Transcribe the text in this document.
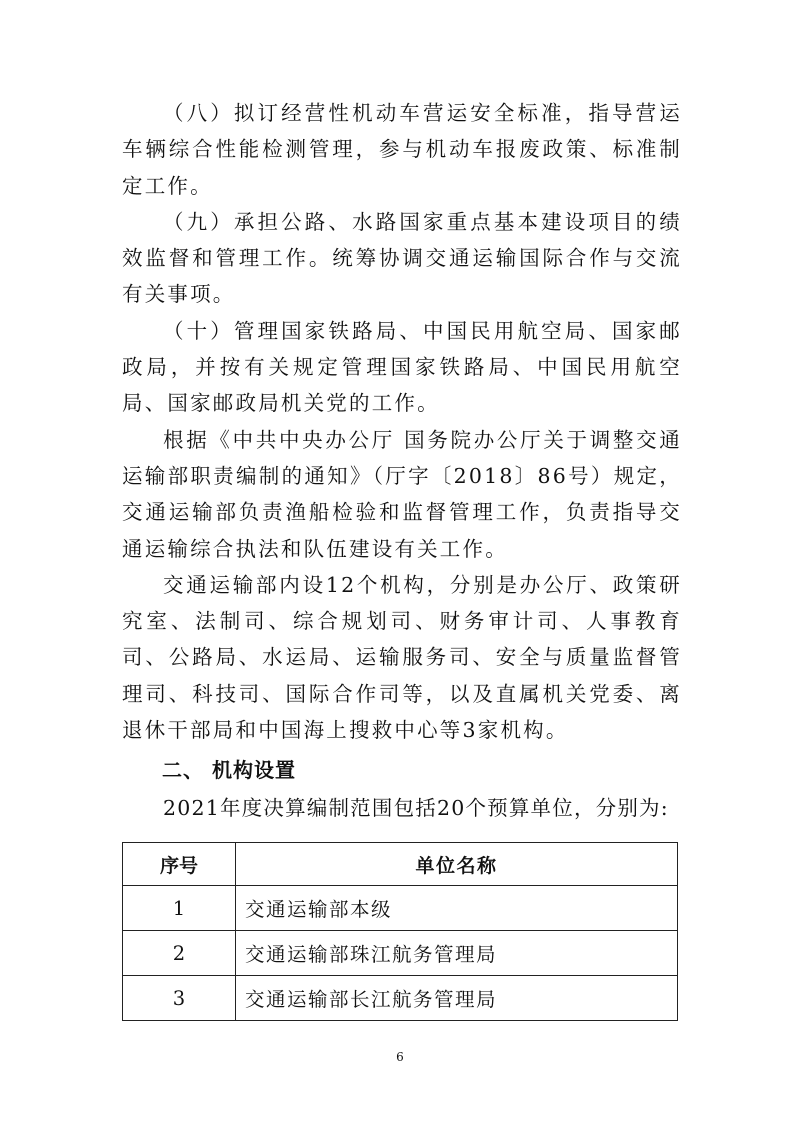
（八）拟订经营性机动车营运安全标准，指导营运车辆综合性能检测管理，参与机动车报废政策、标准制定工作。

（九）承担公路、水路国家重点基本建设项目的绩效监督和管理工作。统筹协调交通运输国际合作与交流有关事项。

（十）管理国家铁路局、中国民用航空局、国家邮政局，并按有关规定管理国家铁路局、中国民用航空局、国家邮政局机关党的工作。

根据《中共中央办公厅 国务院办公厅关于调整交通运输部职责编制的通知》（厅字〔2018〕86号）规定，交通运输部负责渔船检验和监督管理工作，负责指导交通运输综合执法和队伍建设有关工作。

交通运输部内设12个机构，分别是办公厅、政策研究室、法制司、综合规划司、财务审计司、人事教育司、公路局、水运局、运输服务司、安全与质量监督管理司、科技司、国际合作司等，以及直属机关党委、离退休干部局和中国海上搜救中心等3家机构。

二、 机构设置

2021年度决算编制范围包括20个预算单位，分别为:

序号	单位名称
1	交通运输部本级
2	交通运输部珠江航务管理局
3	交通运输部长江航务管理局
6
